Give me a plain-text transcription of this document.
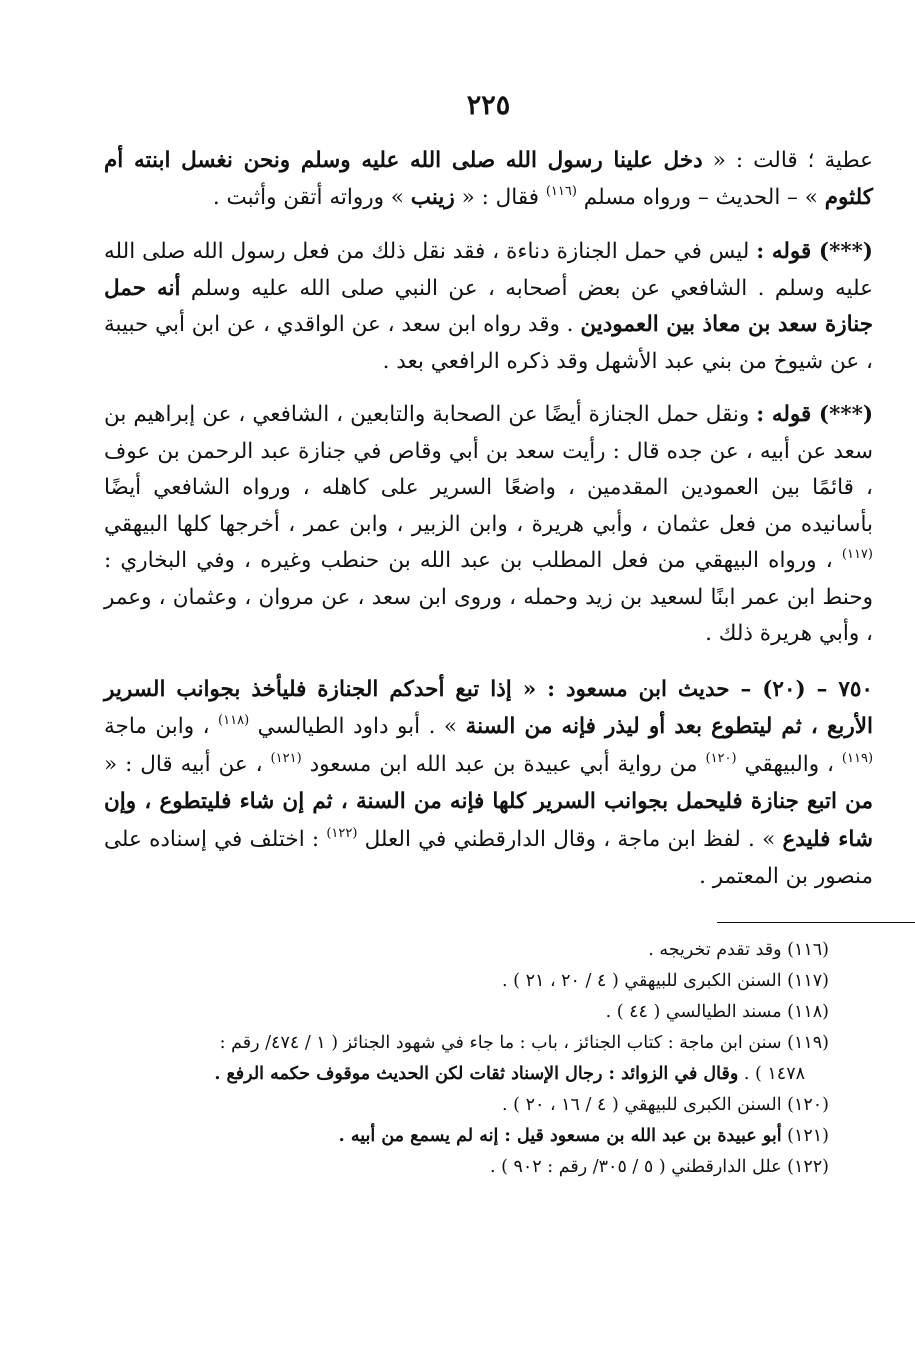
٢٢٥

عطية ؛ قالت : « دخل علينا رسول الله صلى الله عليه وسلم ونحن نغسل ابنته أم كلثوم » – الحديث – ورواه مسلم $^{(١١٦)}$ فقال : « زينب » ورواته أتقن وأثبت .

(***) قوله : ليس في حمل الجنازة دناءة ، فقد نقل ذلك من فعل رسول الله صلى الله عليه وسلم . الشافعي عن بعض أصحابه ، عن النبي صلى الله عليه وسلم أنه حمل جنازة سعد بن معاذ بين العمودين . وقد رواه ابن سعد ، عن الواقدي ، عن ابن أبي حبيبة ، عن شيوخ من بني عبد الأشهل وقد ذكره الرافعي بعد .

(***) قوله : ونقل حمل الجنازة أيضًا عن الصحابة والتابعين ، الشافعي ، عن إبراهيم بن سعد عن أبيه ، عن جده قال : رأيت سعد بن أبي وقاص في جنازة عبد الرحمن بن عوف ، قائمًا بين العمودين المقدمين ، واضعًا السرير على كاهله ، ورواه الشافعي أيضًا بأسانيده من فعل عثمان ، وأبي هريرة ، وابن الزبير ، وابن عمر ، أخرجها كلها البيهقي $^{(١١٧)}$ ، ورواه البيهقي من فعل المطلب بن عبد الله بن حنطب وغيره ، وفي البخاري : وحنط ابن عمر ابنًا لسعيد بن زيد وحمله ، وروى ابن سعد ، عن مروان ، وعثمان ، وعمر ، وأبي هريرة ذلك .

٧٥٠ – (٢٠) – حديث ابن مسعود : « إذا تبع أحدكم الجنازة فليأخذ بجوانب السرير الأربع ، ثم ليتطوع بعد أو ليذر فإنه من السنة » . أبو داود الطيالسي $^{(١١٨)}$ ، وابن ماجة $^{(١١٩)}$ ، والبيهقي $^{(١٢٠)}$ من رواية أبي عبيدة بن عبد الله ابن مسعود $^{(١٢١)}$ ، عن أبيه قال : « من اتبع جنازة فليحمل بجوانب السرير كلها فإنه من السنة ، ثم إن شاء فليتطوع ، وإن شاء فليدع » . لفظ ابن ماجة ، وقال الدارقطني في العلل $^{(١٢٢)}$ : اختلف في إسناده على منصور بن المعتمر .

(١١٦) وقد تقدم تخريجه .

(١١٧) السنن الكبرى للبيهقي ( ٤ / ٢٠ ، ٢١ ) .

(١١٨) مسند الطيالسي ( ٤٤ ) .

(١١٩) سنن ابن ماجة : كتاب الجنائز ، باب : ما جاء في شهود الجنائز ( ١ / ٤٧٤/ رقم :

١٤٧٨ ) . وقال في الزوائد : رجال الإسناد ثقات لكن الحديث موقوف حكمه الرفع .

(١٢٠) السنن الكبرى للبيهقي ( ٤ / ١٦ ، ٢٠ ) .

(١٢١) أبو عبيدة بن عبد الله بن مسعود قيل : إنه لم يسمع من أبيه .

(١٢٢) علل الدارقطني ( ٥ / ٣٠٥/ رقم : ٩٠٢ ) .
